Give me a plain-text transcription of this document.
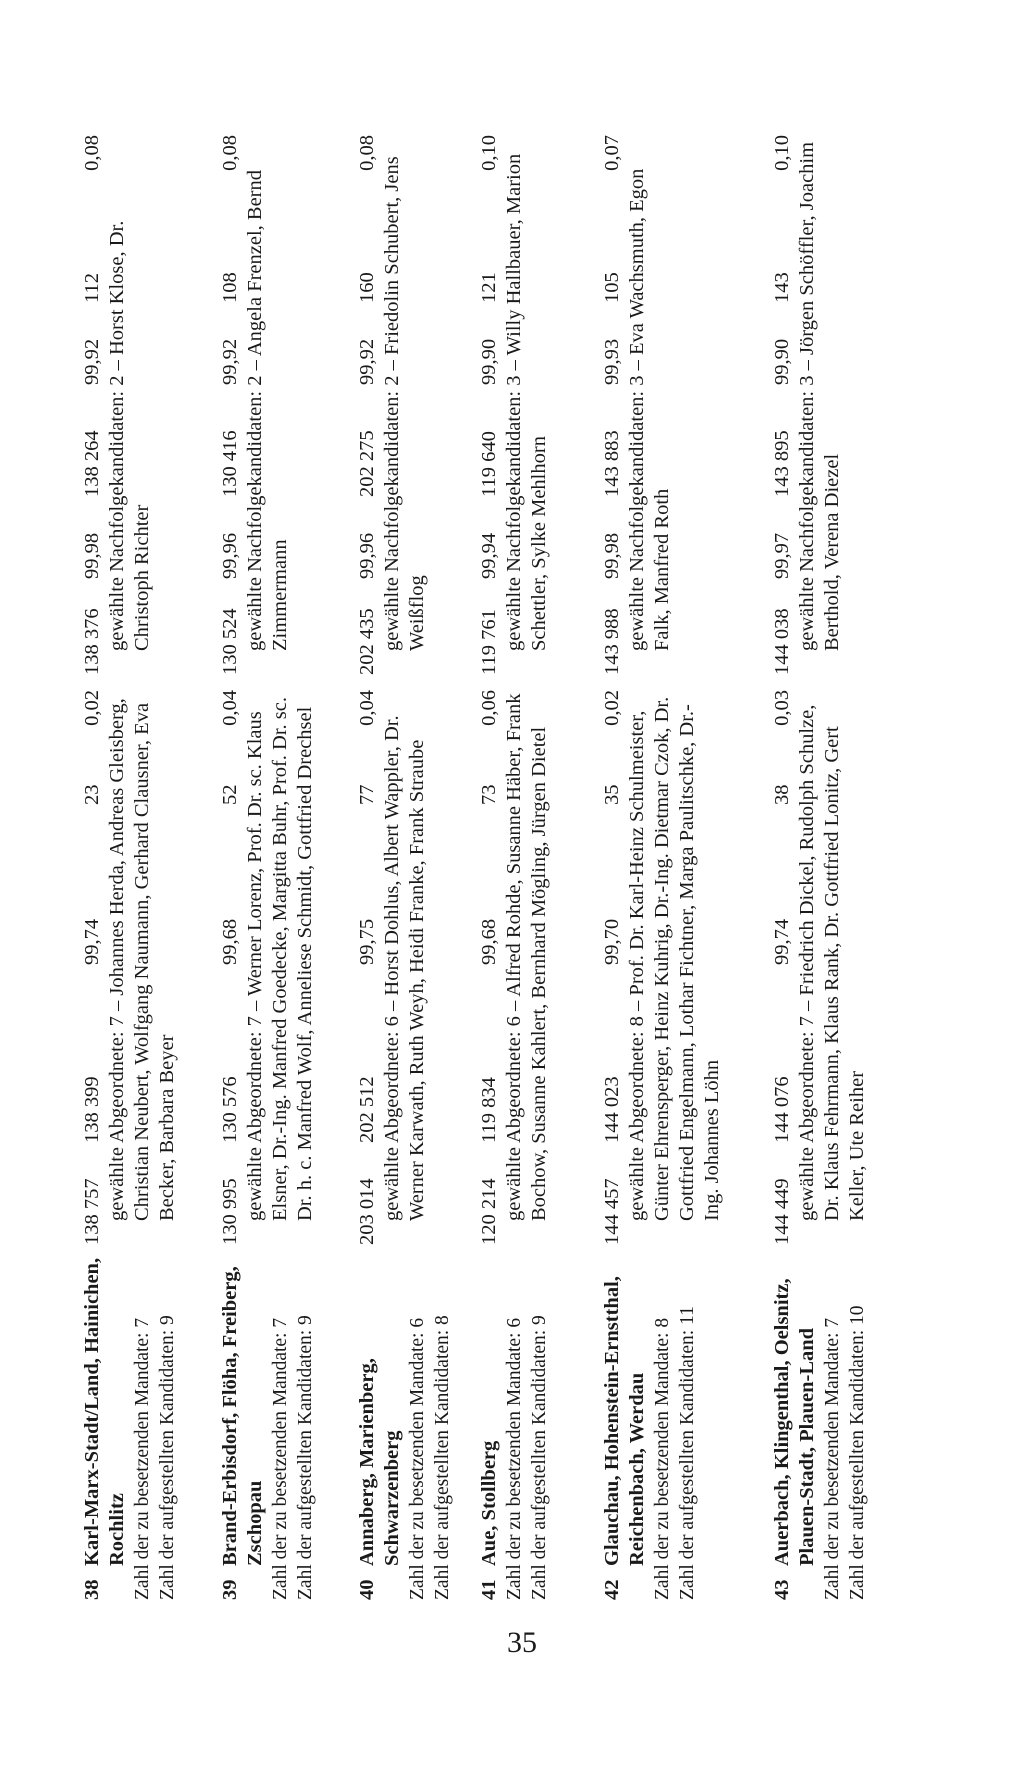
38Karl-Marx-Stadt/Land, Hainichen, Rochlitz Zahl der zu besetzenden Mandate: 7 Zahl der aufgestellten Kandidaten: 9
138 757
138 399
99,74
23
0,02 gewählte Abgeordnete: 7 – Johannes Herda, Andreas Gleisberg, Christian Neubert, Wolfgang Naumann, Gerhard Clausner, Eva Becker, Barbara Beyer
138 376
99,98
138 264
99,92
112
0,08
gewählte Nachfolgekandidaten: 2 – Horst Klose, Dr. Christoph Richter
39Brand-Erbisdorf, Flöha, Freiberg, Zschopau Zahl der zu besetzenden Mandate: 7 Zahl der aufgestellten Kandidaten: 9
130 995
130 576
99,68
52
0,04
gewählte Abgeordnete: 7 – Werner Lorenz, Prof. Dr. sc. Klaus Elsner, Dr.-Ing. Manfred Goedecke, Margitta Buhr, Prof. Dr. sc. Dr. h. c. Manfred Wolf, Anneliese Schmidt, Gottfried Drechsel
130 524
99,96
130 416
99,92
108
0,08
gewählte Nachfolgekandidaten: 2 – Angela Frenzel, Bernd Zimmermann
40Annaberg, Marienberg, Schwarzenberg Zahl der zu besetzenden Mandate: 6 Zahl der aufgestellten Kandidaten: 8
203 014
202 512
99,75
77
0,04
gewählte Abgeordnete: 6 – Horst Dohlus, Albert Wappler, Dr. Werner Karwath, Ruth Weyh, Heidi Franke, Frank Straube
202 435
99,96
202 275
99,92
160
0,08
gewählte Nachfolgekandidaten: 2 – Friedolin Schubert, Jens Weißflog
41Aue, Stollberg Zahl der zu besetzenden Mandate: 6 Zahl der aufgestellten Kandidaten: 9
120 214
119 834
99,68
73
0,06 gewählte Abgeordnete: 6 – Alfred Rohde, Susanne Häber, Frank Bochow, Susanne Kahlert, Bernhard Mögling, Jürgen Dietel
119 761
99,94
119 640
99,90
121
0,10
gewählte Nachfolgekandidaten: 3 – Willy Hallbauer, Marion Schettler, Sylke Mehlhorn
42Glauchau, Hohenstein-Ernstthal, Reichenbach, Werdau Zahl der zu besetzenden Mandate: 8 Zahl der aufgestellten Kandidaten: 11
144 457
144 023
99,70
35
0,02
gewählte Abgeordnete: 8 – Prof. Dr. Karl-Heinz Schulmeister, Günter Ehrensperger, Heinz Kuhrig, Dr.-Ing. Dietmar Czok, Dr. Gottfried Engelmann, Lothar Fichtner, Marga Paulitschke, Dr.-Ing. Johannes Löhn
143 988
99,98
143 883
99,93
105
0,07
gewählte Nachfolgekandidaten: 3 – Eva Wachsmuth, Egon Falk, Manfred Roth
43Auerbach, Klingenthal, Oelsnitz, Plauen-Stadt, Plauen-Land Zahl der zu besetzenden Mandate: 7 Zahl der aufgestellten Kandidaten: 10
144 449
144 076
99,74
38
0,03 gewählte Abgeordnete: 7 – Friedrich Dickel, Rudolph Schulze, Dr. Klaus Fehrmann, Klaus Rank, Dr. Gottfried Lonitz, Gert Keller, Ute Reiher
144 038
99,97
143 895
99,90
143
0,10 gewählte Nachfolgekandidaten: 3 – Jörgen Schöffler, Joachim Berthold, Verena Diezel
35
